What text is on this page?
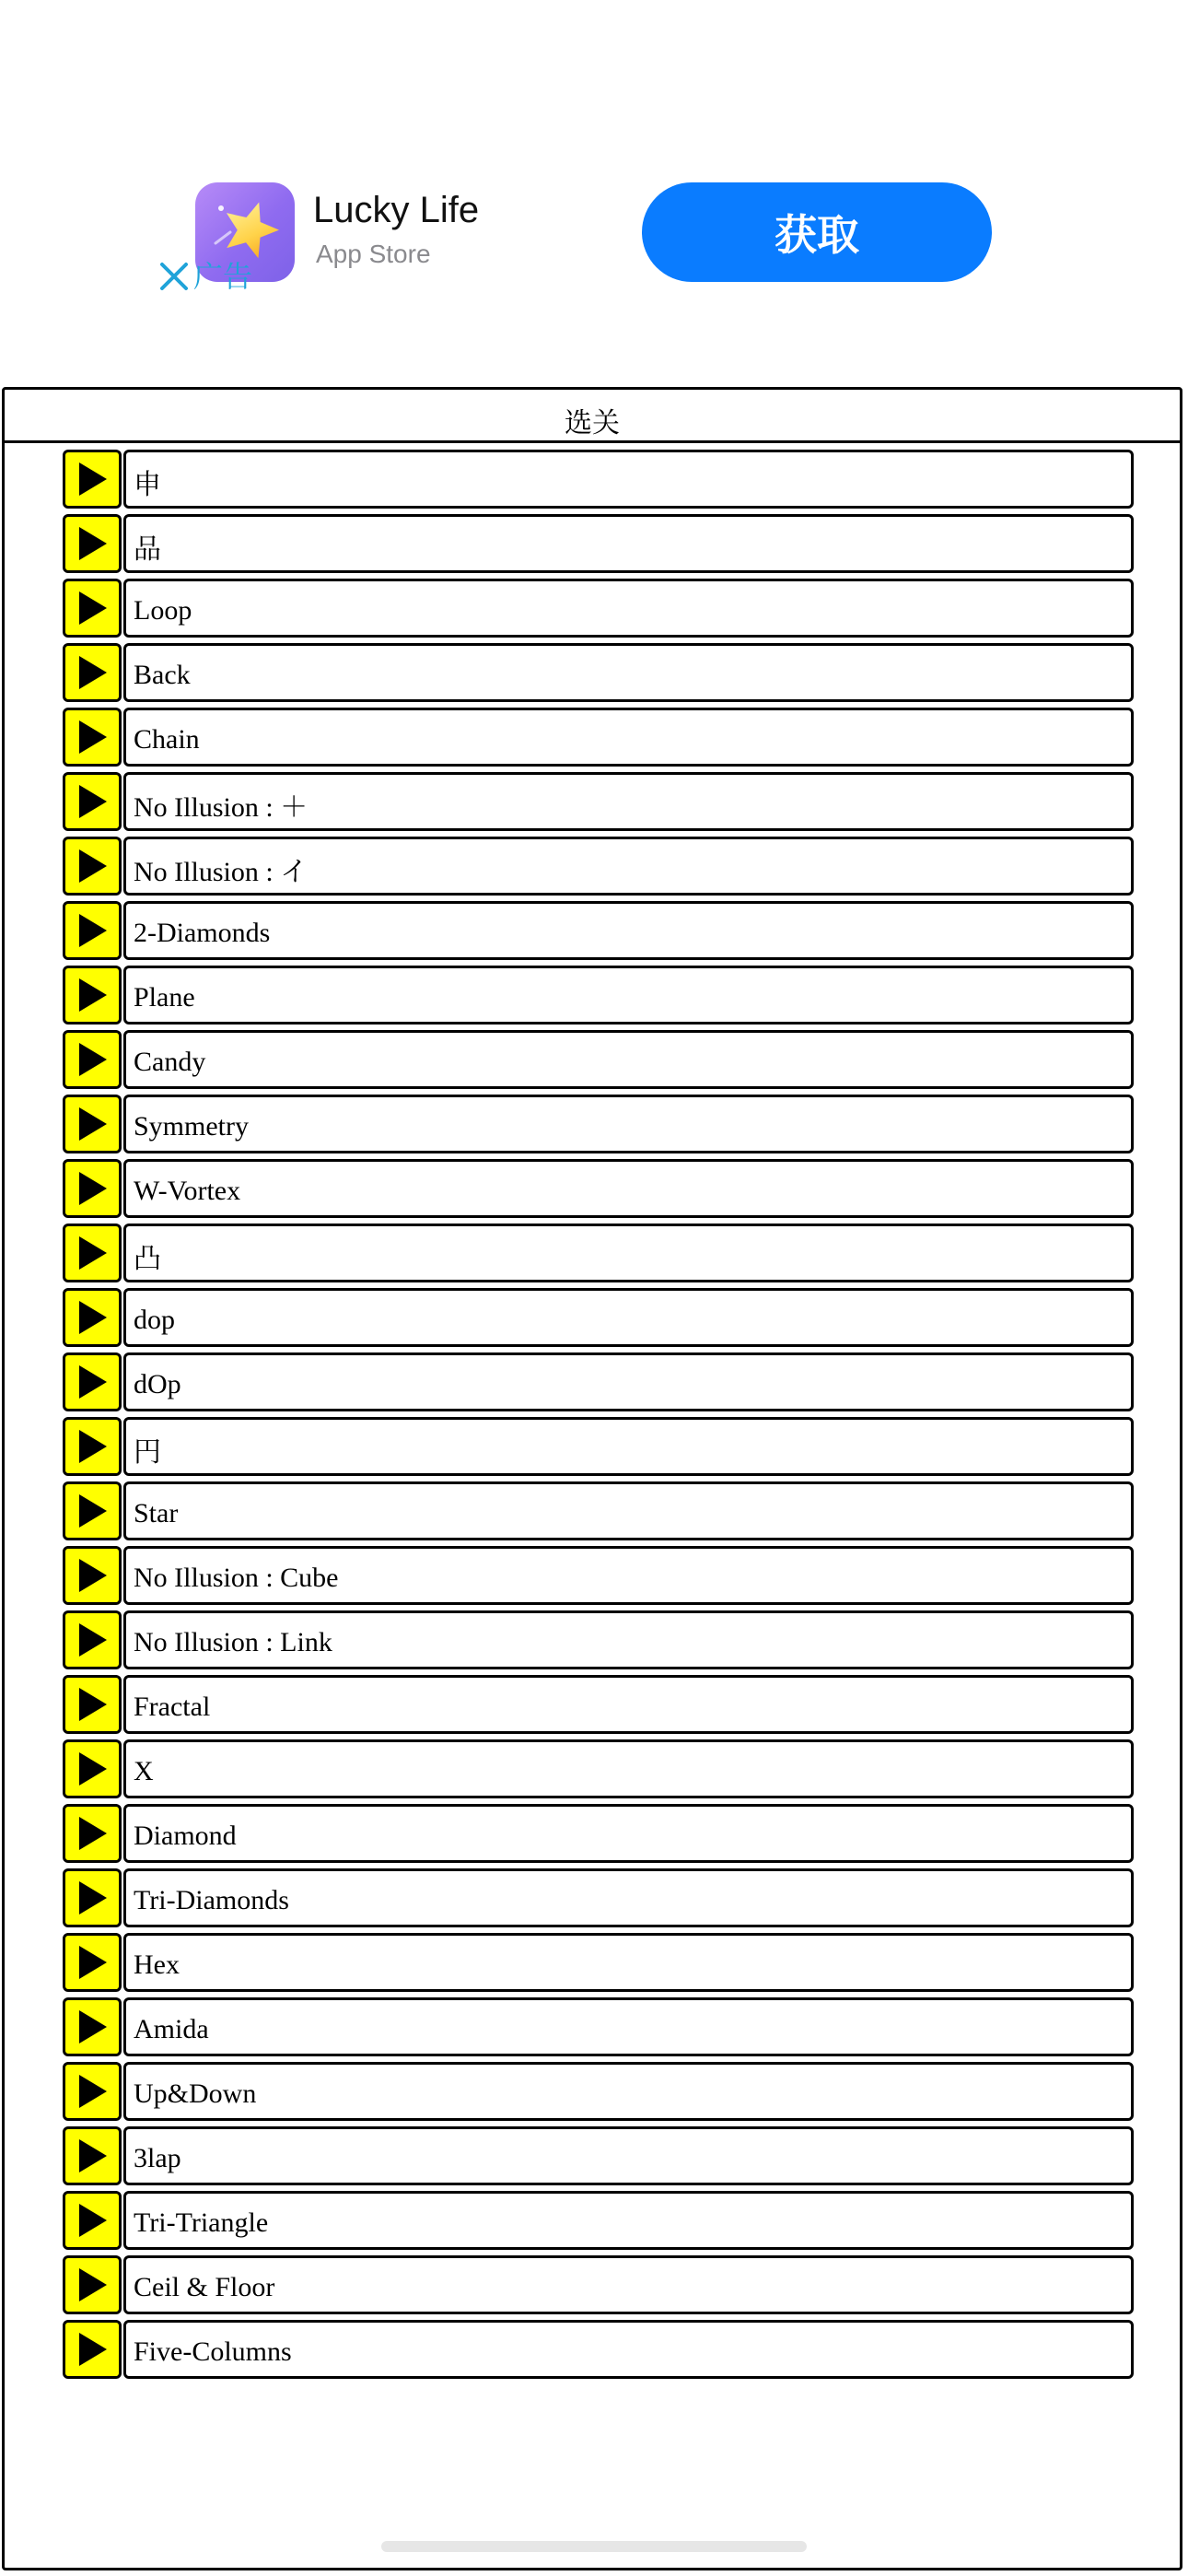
Lucky Life
App Store
广告
获取
选关
申
品
Loop
Back
Chain
No Illusion : ＋
No Illusion : イ
2-Diamonds
Plane
Candy
Symmetry
W-Vortex
凸
dop
dOp
円
Star
No Illusion : Cube
No Illusion : Link
Fractal
X
Diamond
Tri-Diamonds
Hex
Amida
Up&Down
3lap
Tri-Triangle
Ceil & Floor
Five-Columns
